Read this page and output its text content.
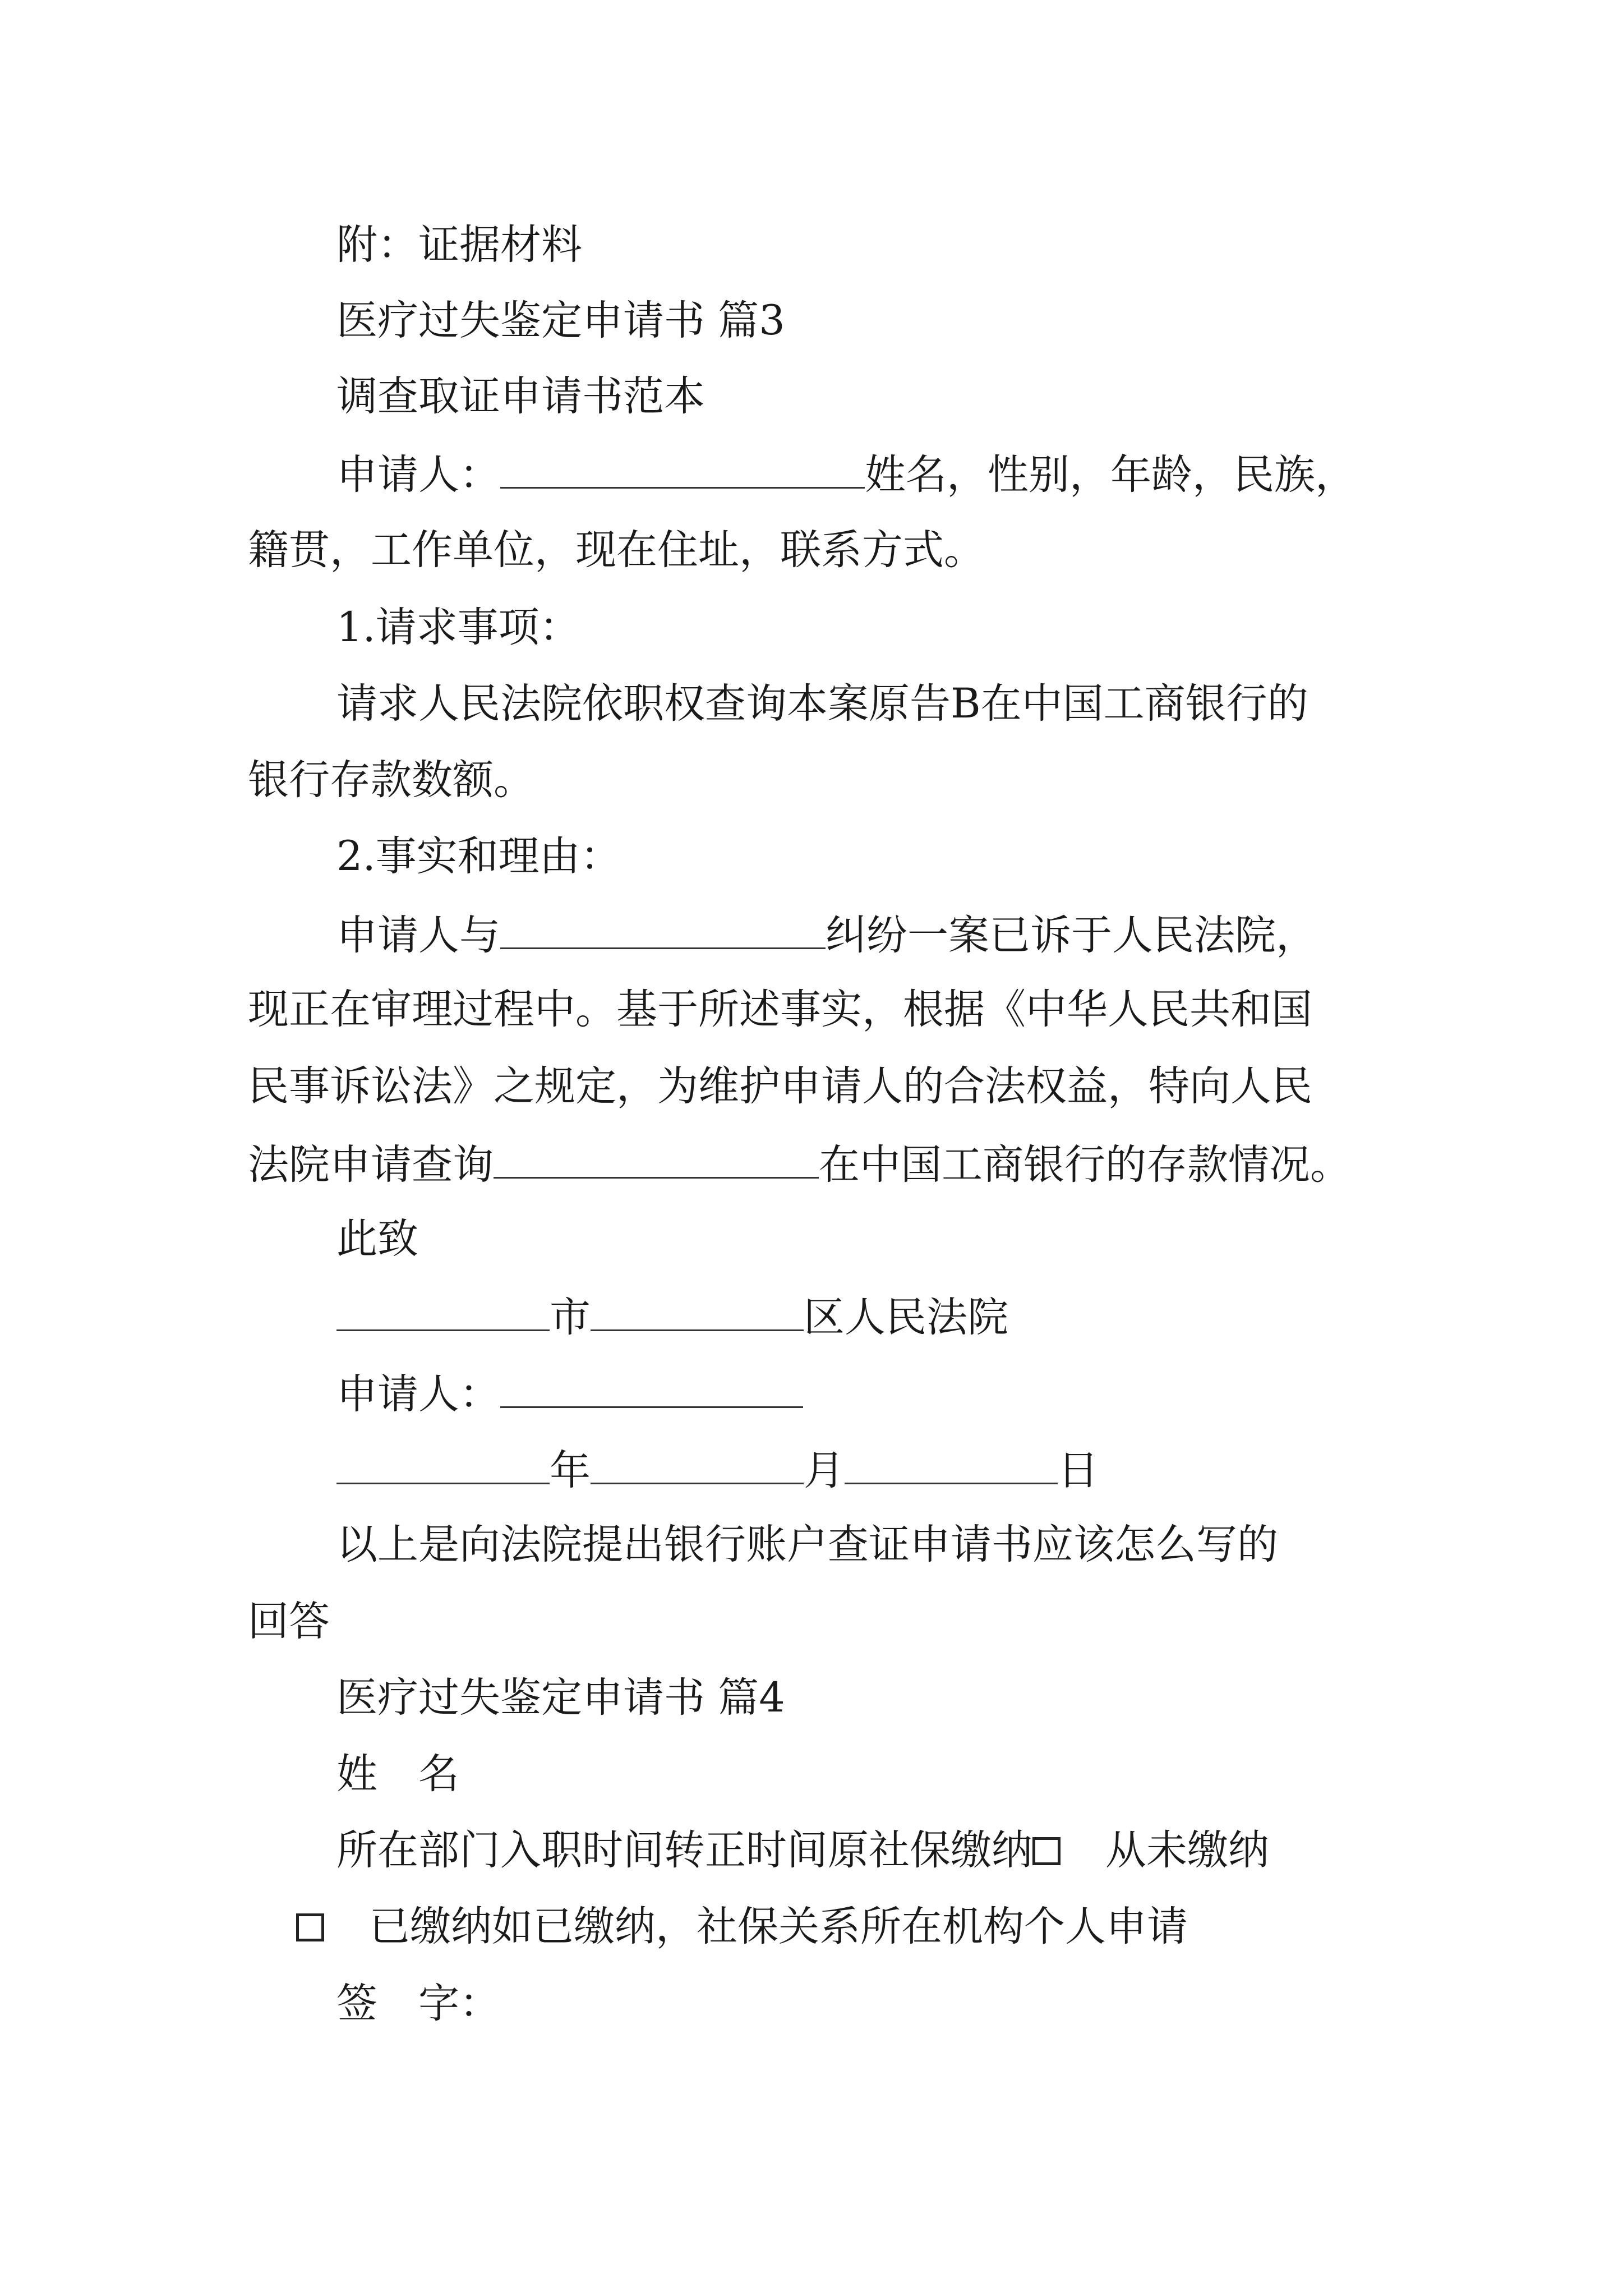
附：证据材料
医疗过失鉴定申请书 篇3
调查取证申请书范本
申请人：	姓名，性别，年龄，民族，
籍贯，工作单位，现在住址，联系方式。
1.请求事项：
请求人民法院依职权查询本案原告B在中国工商银行的
银行存款数额。
2.事实和理由：
申请人与	纠纷一案已诉于人民法院，
现正在审理过程中。基于所述事实，根据《中华人民共和国
民事诉讼法》之规定，为维护申请人的合法权益，特向人民
法院申请查询	在中国工商银行的存款情况。
此致
市	区人民法院
申请人：
年	月	日
以上是向法院提出银行账户查证申请书应该怎么写的
回答
医疗过失鉴定申请书 篇4
姓　名
所在部门入职时间转正时间原社保缴纳 从未缴纳
已缴纳如已缴纳，社保关系所在机构个人申请
签　字：
